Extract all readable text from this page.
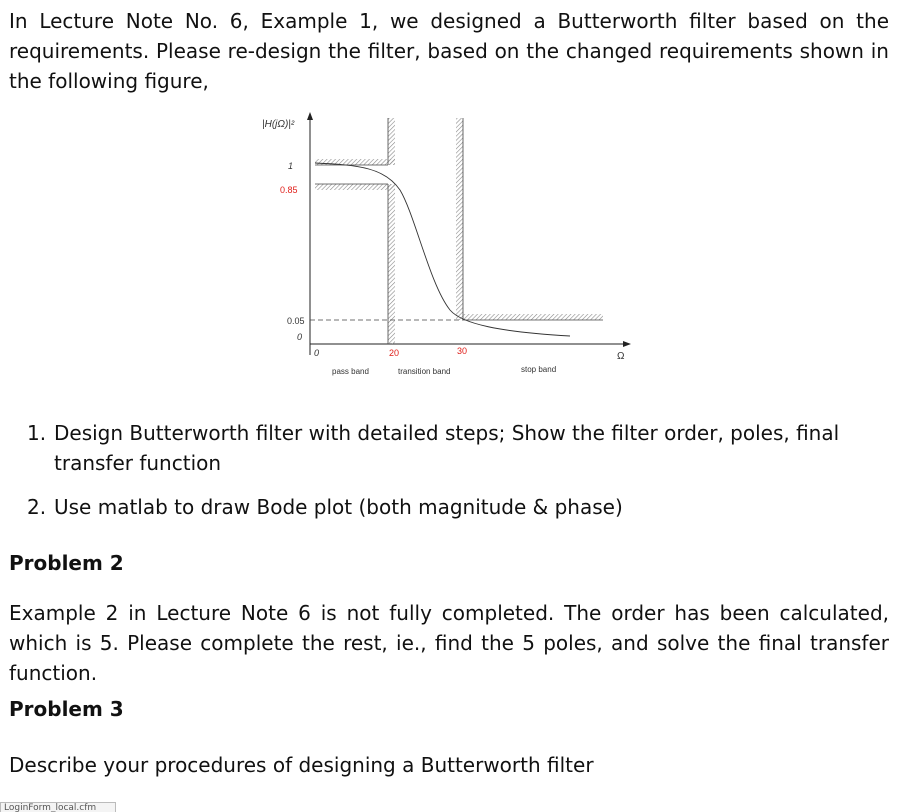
In Lecture Note No. 6, Example 1, we designed a Butterworth filter based on the requirements. Please re-design the filter, based on the changed requirements shown in the following figure,

|H(jΩ)|²
1
0.85
0.05
0
0	20	30	Ω
pass band	transition band	stop band
1. Design Butterworth filter with detailed steps; Show the filter order, poles, final transfer function
2. Use matlab to draw Bode plot (both magnitude & phase)
Problem 2

Example 2 in Lecture Note 6 is not fully completed. The order has been calculated, which is 5. Please complete the rest, ie., find the 5 poles, and solve the final transfer function.

Problem 3

Describe your procedures of designing a Butterworth filter

LoginForm_local.cfm
